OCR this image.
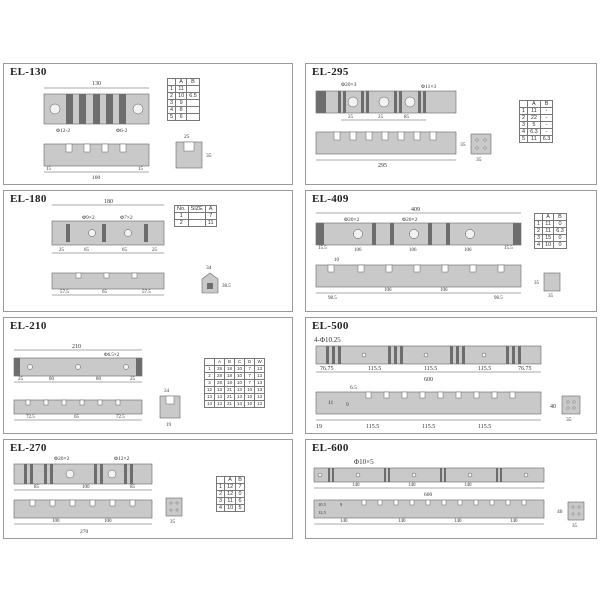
EL-130
130
Φ12-2	Φ6-2
15
100
15
25
35
	A	B
1	11	
2	10	6.5
3	9	
4	8	
5	6	
EL-295
Φ20×3	Φ11×3
25	25	85
295
35
35
	A	B
1	11	-
2	22	-
3	5	-
4	6.3	-
5	11	6.3
EL-180	180
Φ9×2	Φ7×2
25	65	65	25
57.5	65	57.5
34
38.5
No.	SIZE	A
1		7
2		11
EL-409
409
Φ20×2	Φ20×2
15.5	106	106	106	15.5
10
98.5
106	106
98.5
35
35
	A	B
1	11	0
2	11	6.3
3	15	0
4	10	0
EL-210
210
Φ6.5×2
25	80	80	25
72.5	65	72.5
34
19
	A	B	C	D	W
1	28	18	10	7	13
2	28	18	10	7	13
3	28	18	10	7	13
12	13	21	13	10	13
13	13	21	13	10	13
14	13	21	13	10	13
EL-500
4-Φ10.25
76.75	115.5	115.5	115.5	76.75
600
6.5
11 9
19	115.5	115.5	115.5
40
35
EL-270
Φ20×2	Φ12×2
85	100	85
100	100
270
35
	A	B
1	12	7
2	12	0
3	11	6
4	10	5
EL-600
Φ10×5
140	140	140
600
10.5	9
12.5
140	140	140	140
40
35
